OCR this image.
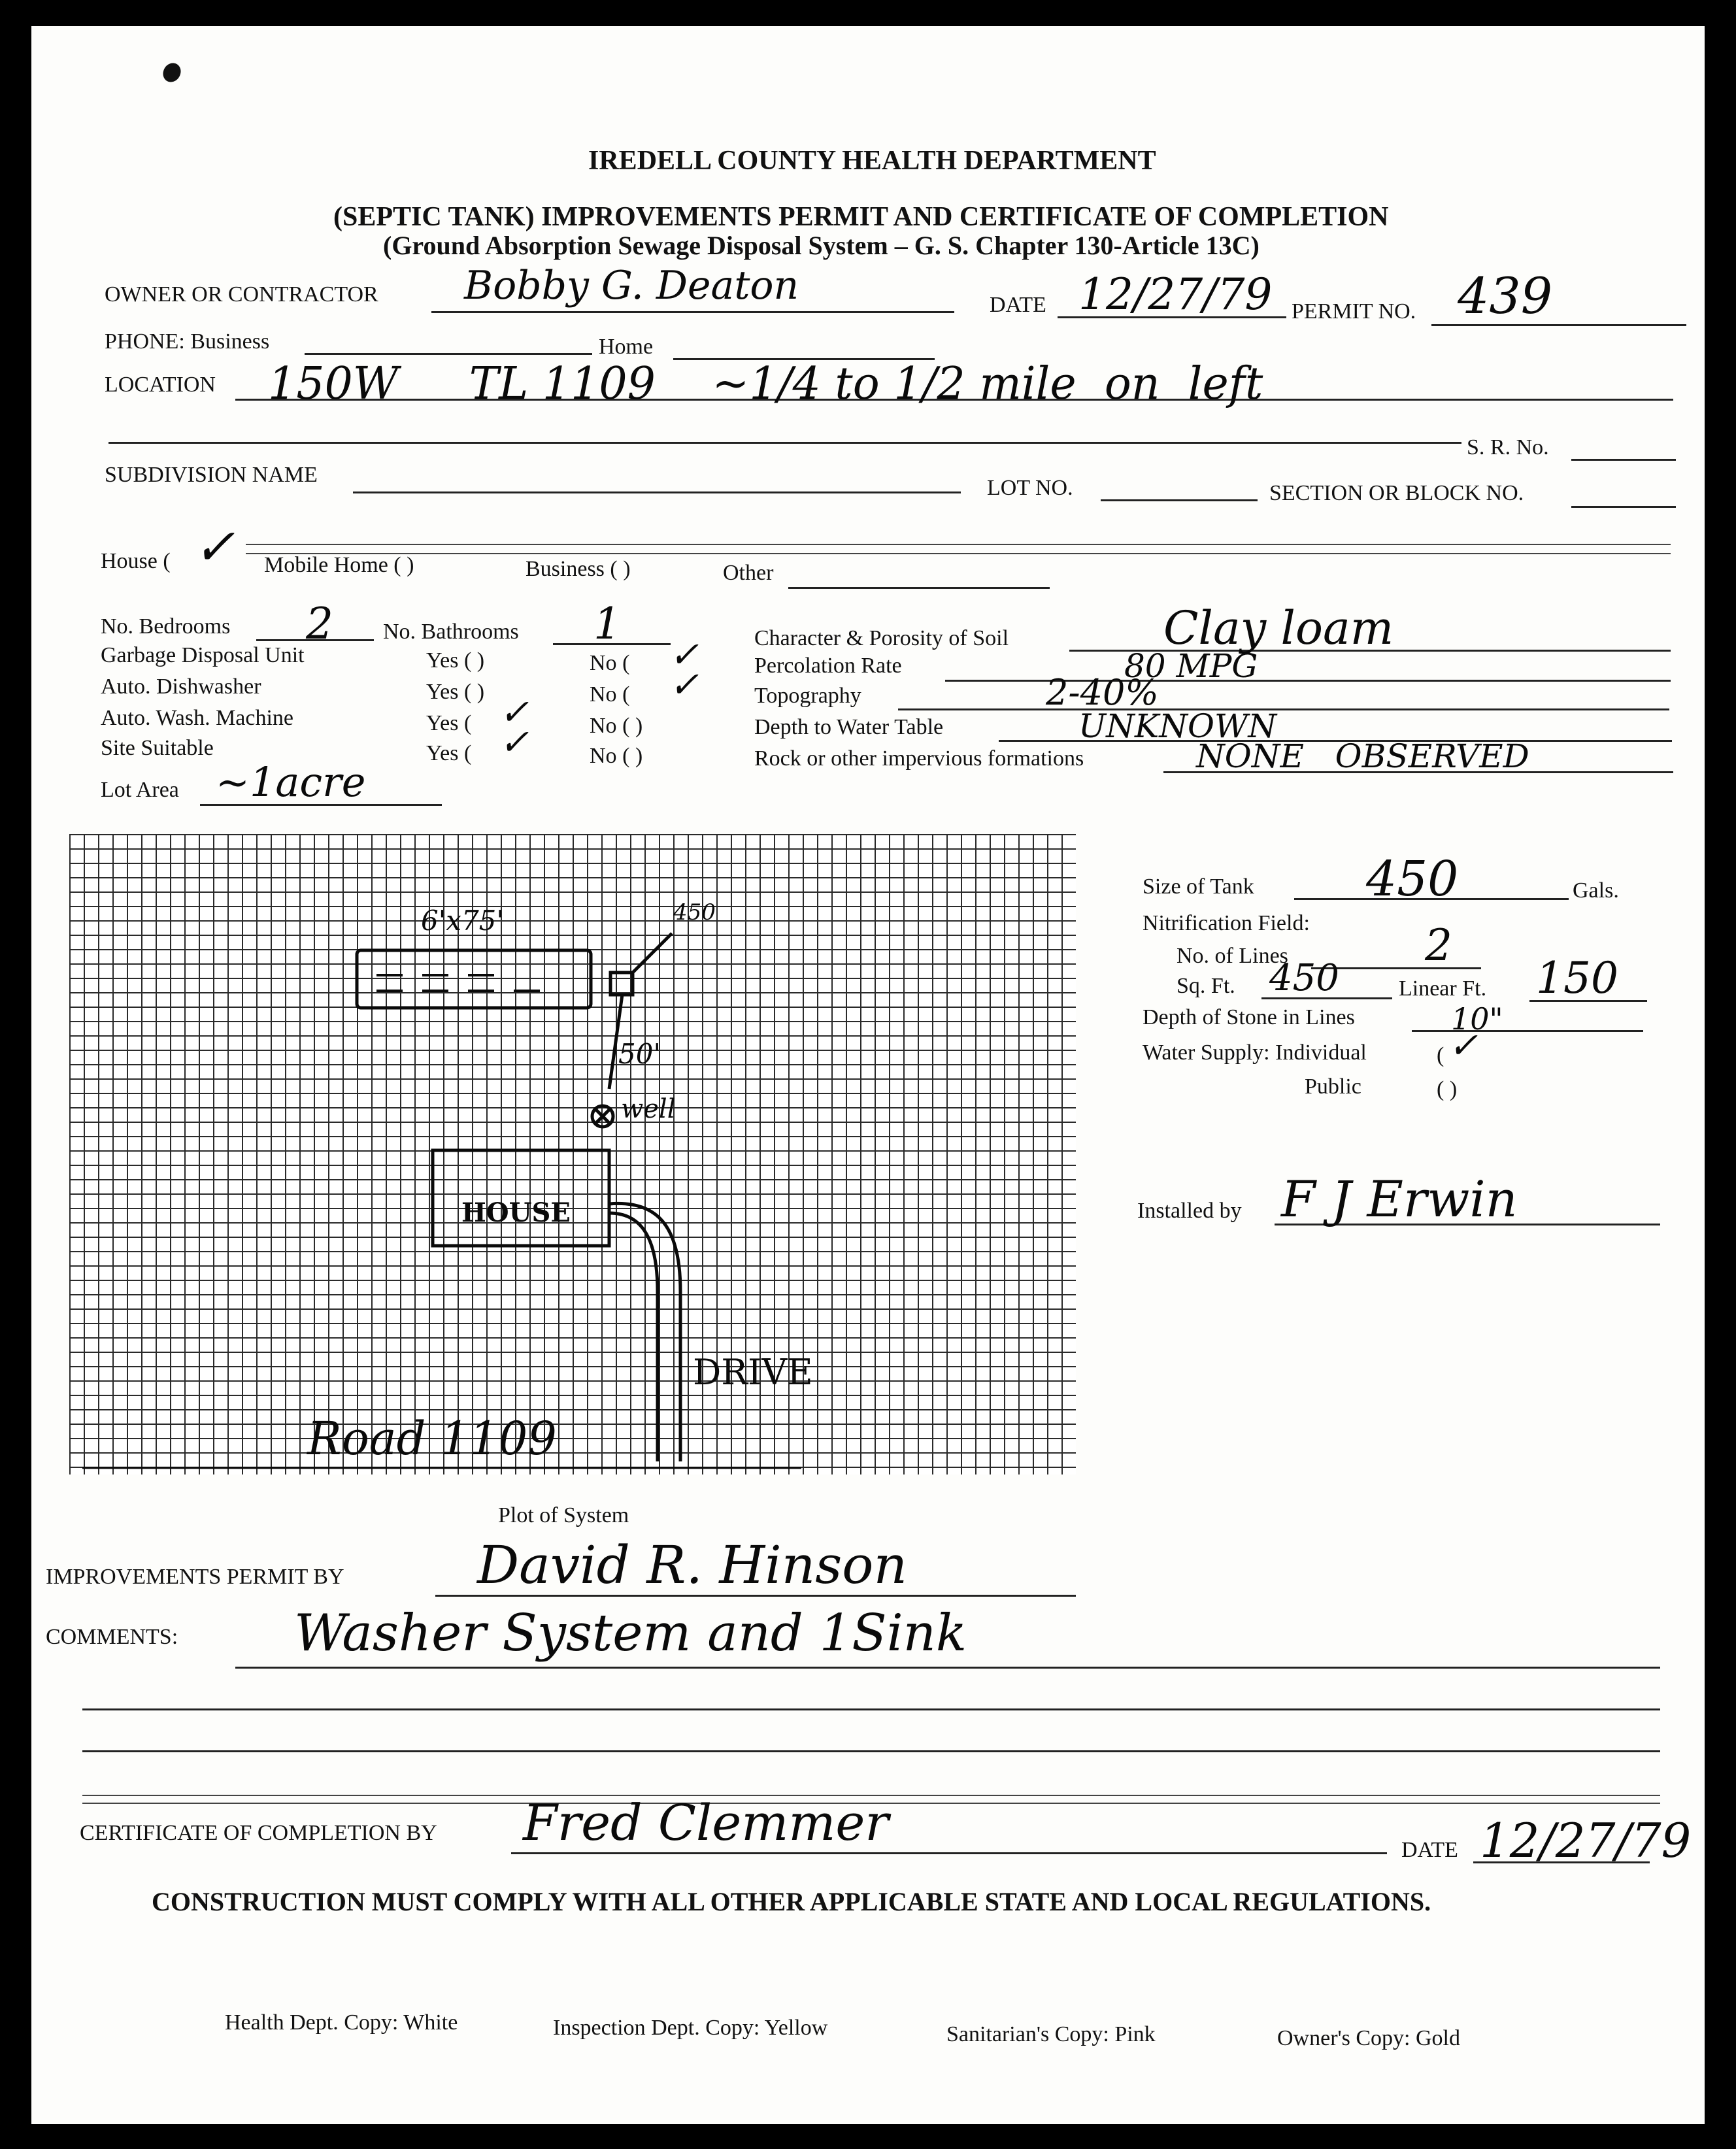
IREDELL COUNTY HEALTH DEPARTMENT
(SEPTIC TANK) IMPROVEMENTS PERMIT AND CERTIFICATE OF COMPLETION
(Ground Absorption Sewage Disposal System – G. S. Chapter 130-Article 13C)
OWNER OR CONTRACTOR Bobby G. Deaton	DATE 12/27/79 PERMIT NO. 439
PHONE: Business	Home
LOCATION 150W     TL 1109    ~1/4 to 1/2 mile  on  left
S. R. No.
SUBDIVISION NAME
LOT NO.	SECTION OR BLOCK NO.
House ( ✓ Mobile Home ( )	Business ( )	Other
No. Bedrooms 2 No. Bathrooms 1
Garbage Disposal Unit	Yes ( )	No ( ✓
Auto. Dishwasher	Yes ( )	No ( ✓
Auto. Wash. Machine	Yes ( ✓	No ( )
Site Suitable	Yes ( ✓	No ( )
Lot Area ~1acre
Character & Porosity of Soil	Clay loam
Percolation Rate	80 MPG
Topography	2-40%
Depth to Water Table	UNKNOWN
Rock or other impervious formations	NONE   OBSERVED
6'x75'	450
50'
well
HOUSE
DRIVE
Road 1109
Plot of System
Size of Tank 450	Gals.
Nitrification Field:
No. of Lines	2
Sq. Ft. 450	Linear Ft. 150
Depth of Stone in Lines	10"
Water Supply: Individual	( ✓
Public	( )
Installed by F J Erwin
IMPROVEMENTS PERMIT BY	David R. Hinson
COMMENTS: Washer System and 1Sink
CERTIFICATE OF COMPLETION BY Fred Clemmer	DATE 12/27/79
CONSTRUCTION MUST COMPLY WITH ALL OTHER APPLICABLE STATE AND LOCAL REGULATIONS.
Health Dept. Copy: White	Inspection Dept. Copy: Yellow	Sanitarian's Copy: Pink	Owner's Copy: Gold
